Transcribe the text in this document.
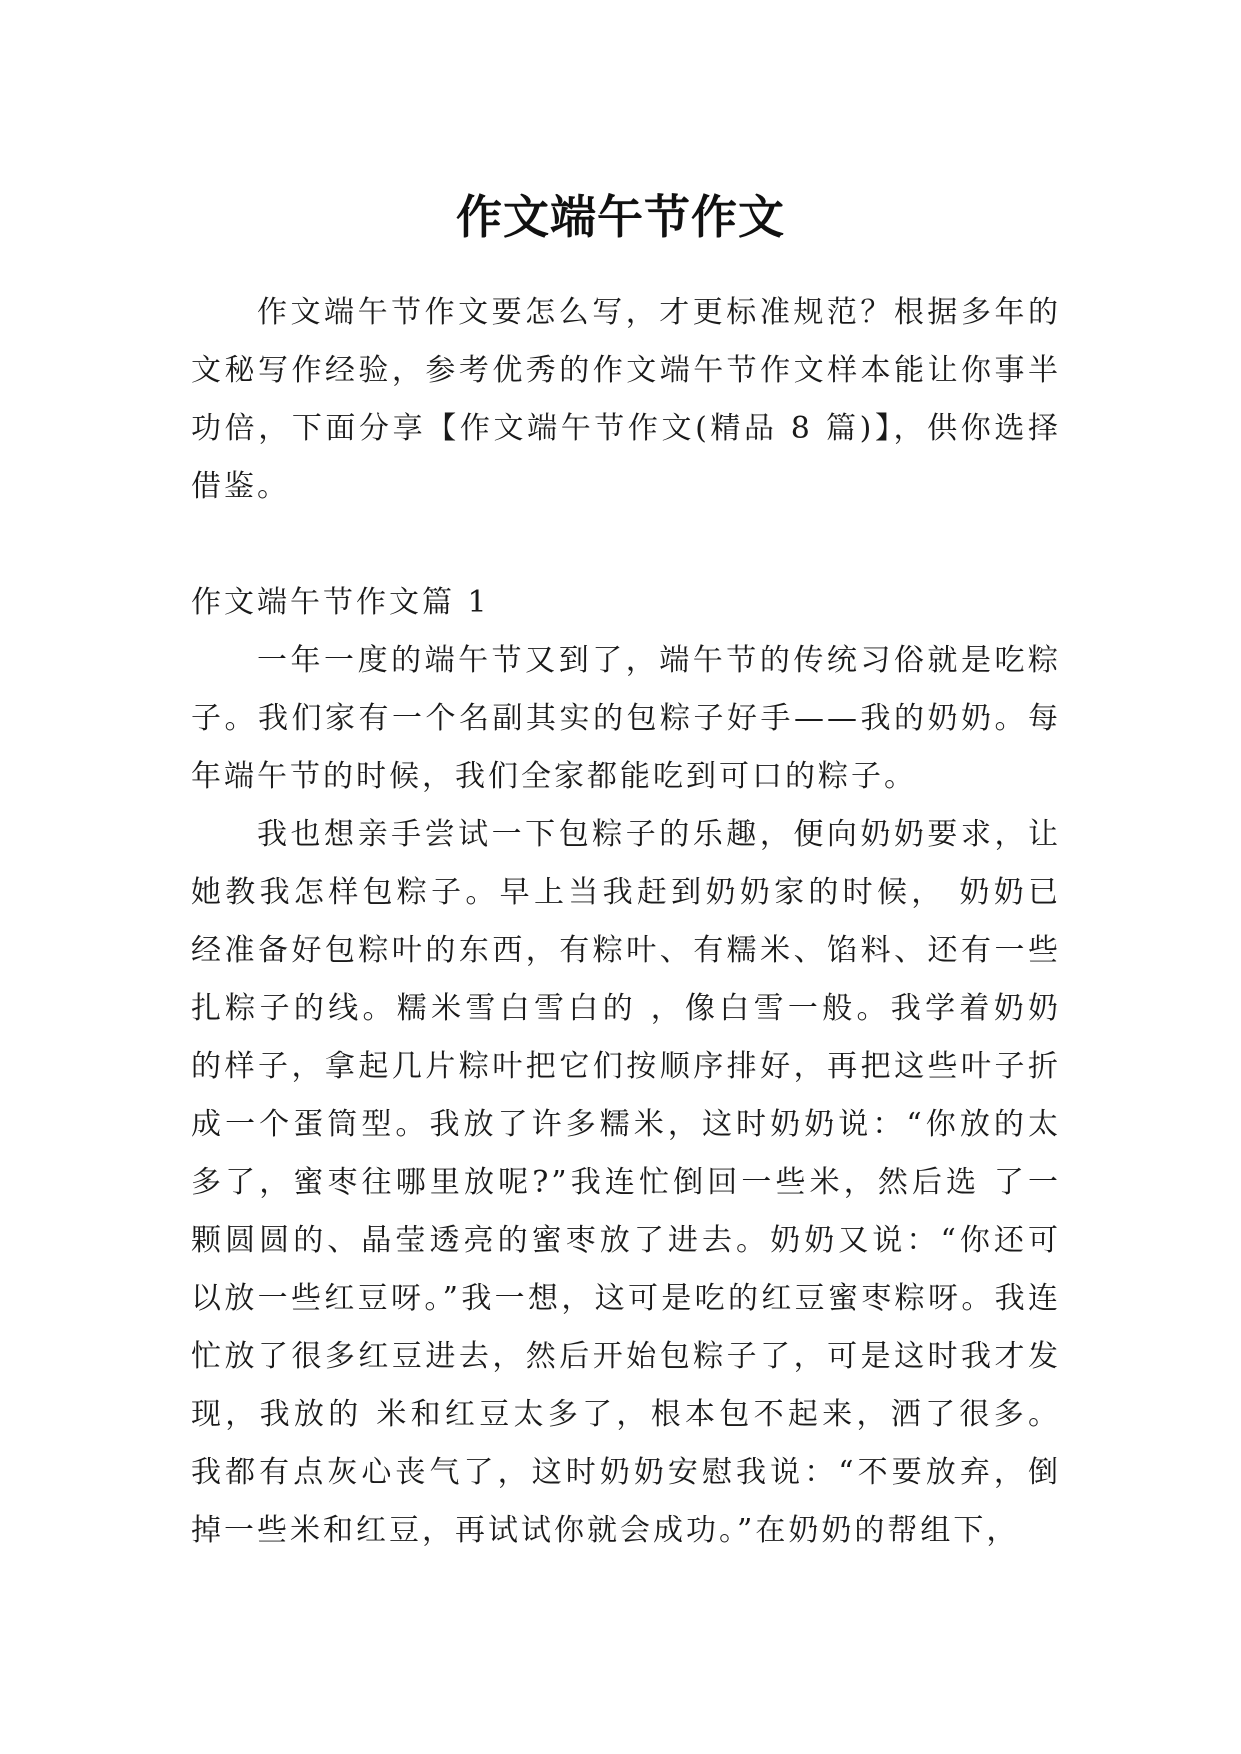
作文端午节作文

作文端午节作文要怎么写，才更标准规范？根据多年的文秘写作经验，参考优秀的作文端午节作文样本能让你事半功倍，下面分享【作文端午节作文(精品 8 篇)】，供你选择借鉴。

作文端午节作文篇 1

一年一度的端午节又到了，端午节的传统习俗就是吃粽子。我们家有一个名副其实的包粽子好手——我的奶奶。每年端午节的时候，我们全家都能吃到可口的粽子。

我也想亲手尝试一下包粽子的乐趣，便向奶奶要求，让她教我怎样包粽子。早上当我赶到奶奶家的时候， 奶奶已经准备好包粽叶的东西，有粽叶、有糯米、馅料、还有一些扎粽子的线。糯米雪白雪白的 ，像白雪一般。我学着奶奶的样子，拿起几片粽叶把它们按顺序排好，再把这些叶子折成一个蛋筒型。我放了许多糯米，这时奶奶说：“你放的太多了，蜜枣往哪里放呢?”我连忙倒回一些米，然后选 了一颗圆圆的、晶莹透亮的蜜枣放了进去。奶奶又说：“你还可以放一些红豆呀。”我一想，这可是吃的红豆蜜枣粽呀。我连忙放了很多红豆进去，然后开始包粽子了，可是这时我才发现，我放的 米和红豆太多了，根本包不起来，洒了很多。我都有点灰心丧气了，这时奶奶安慰我说：“不要放弃，倒掉一些米和红豆，再试试你就会成功。”在奶奶的帮组下，
